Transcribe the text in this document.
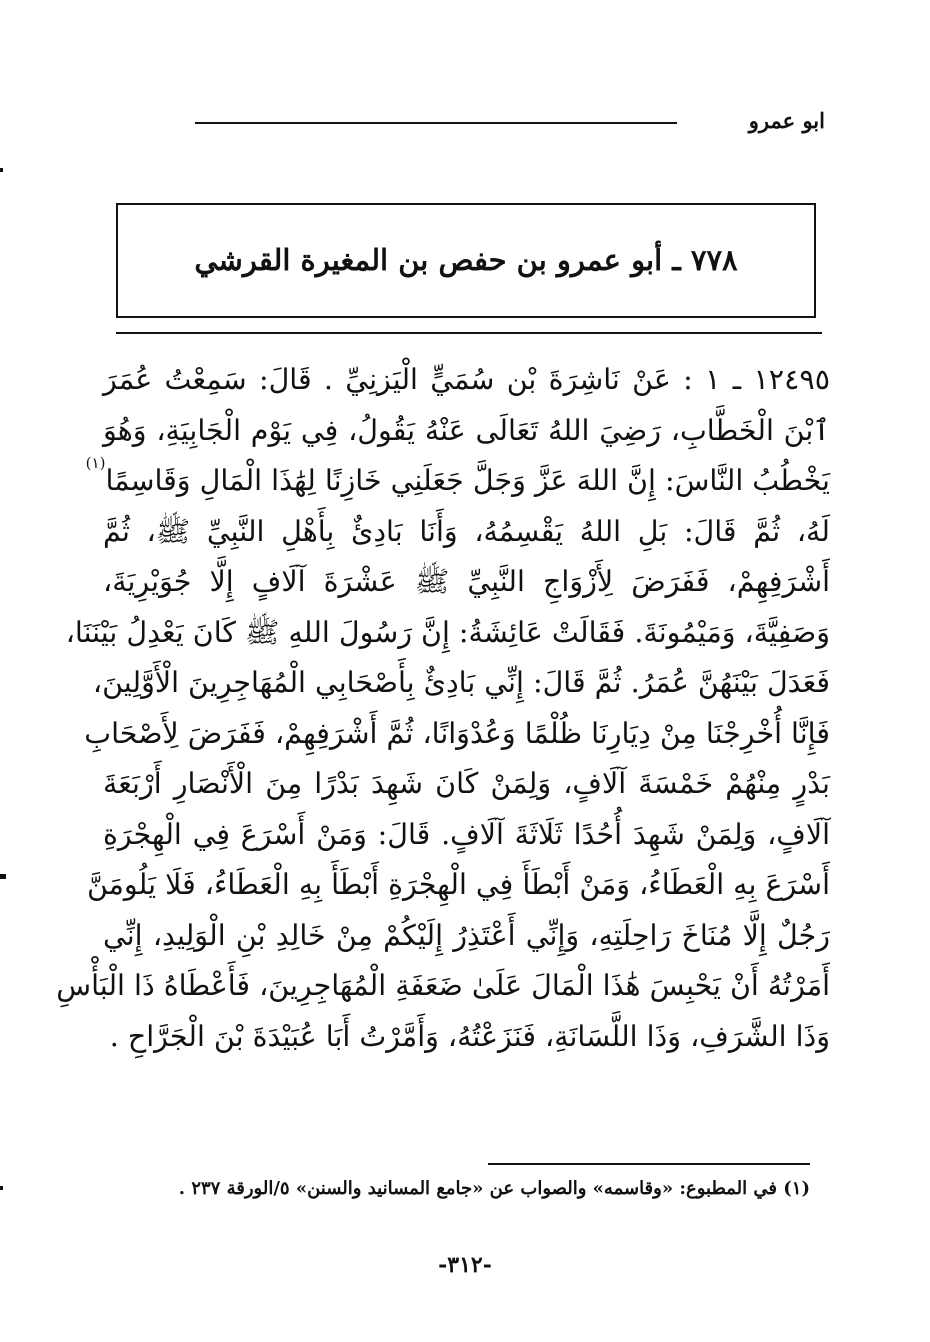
ابو عمرو
٧٧٨ ـ أبو عمرو بن حفص بن المغيرة القرشي
١٢٤٩٥ ـ ١ : عَنْ نَاشِرَةَ بْن سُمَيٍّ الْيَزنِيِّ . قَالَ: سَمِعْتُ عُمَرَ
ٱبْنَ الْخَطَّابِ، رَضِيَ اللهُ تَعَالَى عَنْهُ يَقُولُ، فِي يَوْم الْجَابِيَةِ، وَهُوَ
يَخْطُبُ النَّاسَ: إِنَّ اللهَ عَزَّ وَجَلَّ جَعَلَنِي خَازِنًا لِهَٰذَا الْمَالِ وَقَاسِمًا$^{(١)}$
لَهُ، ثُمَّ قَالَ: بَلِ اللهُ يَقْسِمُهُ، وَأَنَا بَادِئٌ بِأَهْلِ النَّبِيِّ ﷺ، ثُمَّ
أَشْرَفِهِمْ، فَفَرَضَ لِأَزْوَاجِ النَّبِيِّ ﷺ عَشْرَةَ آلَافٍ إِلَّا جُوَيْرِيَةَ،
وَصَفِيَّةَ، وَمَيْمُونَةَ. فَقَالَتْ عَائِشَةُ: إِنَّ رَسُولَ اللهِ ﷺ كَانَ يَعْدِلُ بَيْنَنَا،
فَعَدَلَ بَيْنَهُنَّ عُمَرُ. ثُمَّ قَالَ: إِنِّي بَادِئٌ بِأَصْحَابِي الْمُهَاجِرِينَ الْأَوَّلِينَ،
فَإِنَّا أُخْرِجْنَا مِنْ دِيَارِنَا ظُلْمًا وَعُدْوَانًا، ثُمَّ أَشْرَفِهِمْ، فَفَرَضَ لِأَصْحَابِ
بَدْرٍ مِنْهُمْ خَمْسَةَ آلَافٍ، وَلِمَنْ كَانَ شَهِدَ بَدْرًا مِنَ الْأَنْصَارِ أَرْبَعَةَ
آلَافٍ، وَلِمَنْ شَهِدَ أُحُدًا ثَلَاثَةَ آلَافٍ. قَالَ: وَمَنْ أَسْرَعَ فِي الْهِجْرَةِ
أَسْرَعَ بِهِ الْعَطَاءُ، وَمَنْ أَبْطَأَ فِي الْهِجْرَةِ أَبْطَأَ بِهِ الْعَطَاءُ، فَلَا يَلُومَنَّ
رَجُلٌ إِلَّا مُنَاخَ رَاحِلَتِهِ، وَإِنِّي أَعْتَذِرُ إِلَيْكُمْ مِنْ خَالِدِ بْنِ الْوَلِيدِ، إِنِّي
أَمَرْتُهُ أَنْ يَحْبِسَ هَٰذَا الْمَالَ عَلَىٰ ضَعَفَةِ الْمُهَاجِرِينَ، فَأَعْطَاهُ ذَا الْبَأْسِ
وَذَا الشَّرَفِ، وَذَا اللَّسَانَةِ، فَنَزَعْتُهُ، وَأَمَّرْتُ أَبَا عُبَيْدَةَ بْنَ الْجَرَّاحِ .
(١) في المطبوع: «وقاسمه» والصواب عن «جامع المسانيد والسنن» ٥/الورقة ٢٣٧ .
-٣١٢-
